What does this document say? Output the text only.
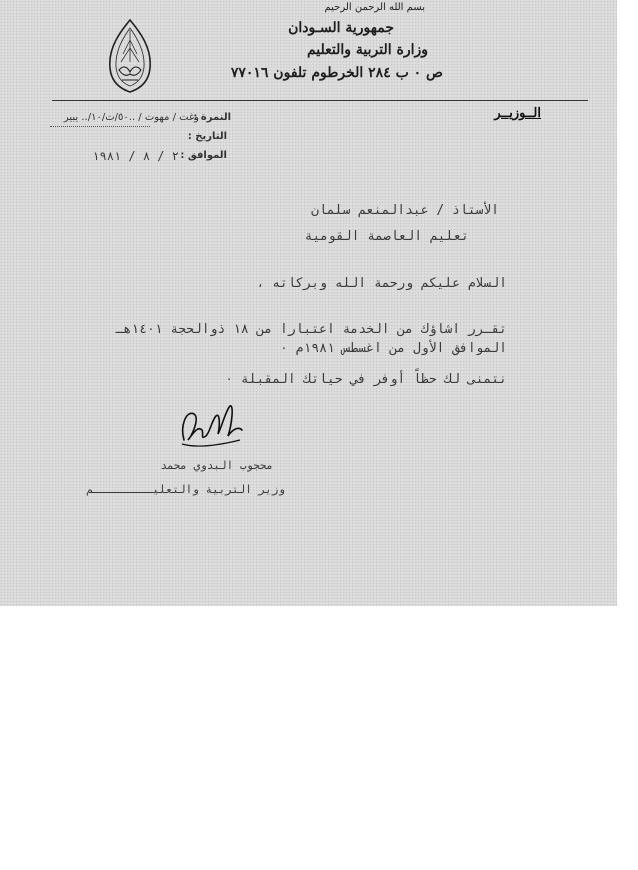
بسم الله الرحمن الرحيم
جمهورية السـودان
وزارة التربية والتعليم
ص ٠ ب ٢٨٤ الخرطوم تلفون ٧٧٠١٦
الــوزيــر
النمرة :
وغت / مهوت / ..٥٠/ت/١٠/.. يبير
التاريخ :
الموافق :
٢ / ٨ / ١٩٨١
الأستاذ / عبدالمنعم سلمان
تعليم العاصمة القومية
السلام عليكم ورحمة الله وبركاته ،
تقـرر اشاؤك من الخدمة اعتبارا من ١٨ ذوالحجة ١٤٠١هـ
الموافق الأول من اغسطس ١٩٨١م ٠
نتمنى لك حظاً أوفر في حياتك المقبلة ٠
محجوب البدوي محمد
وزير التربية والتعليـــــــــم
